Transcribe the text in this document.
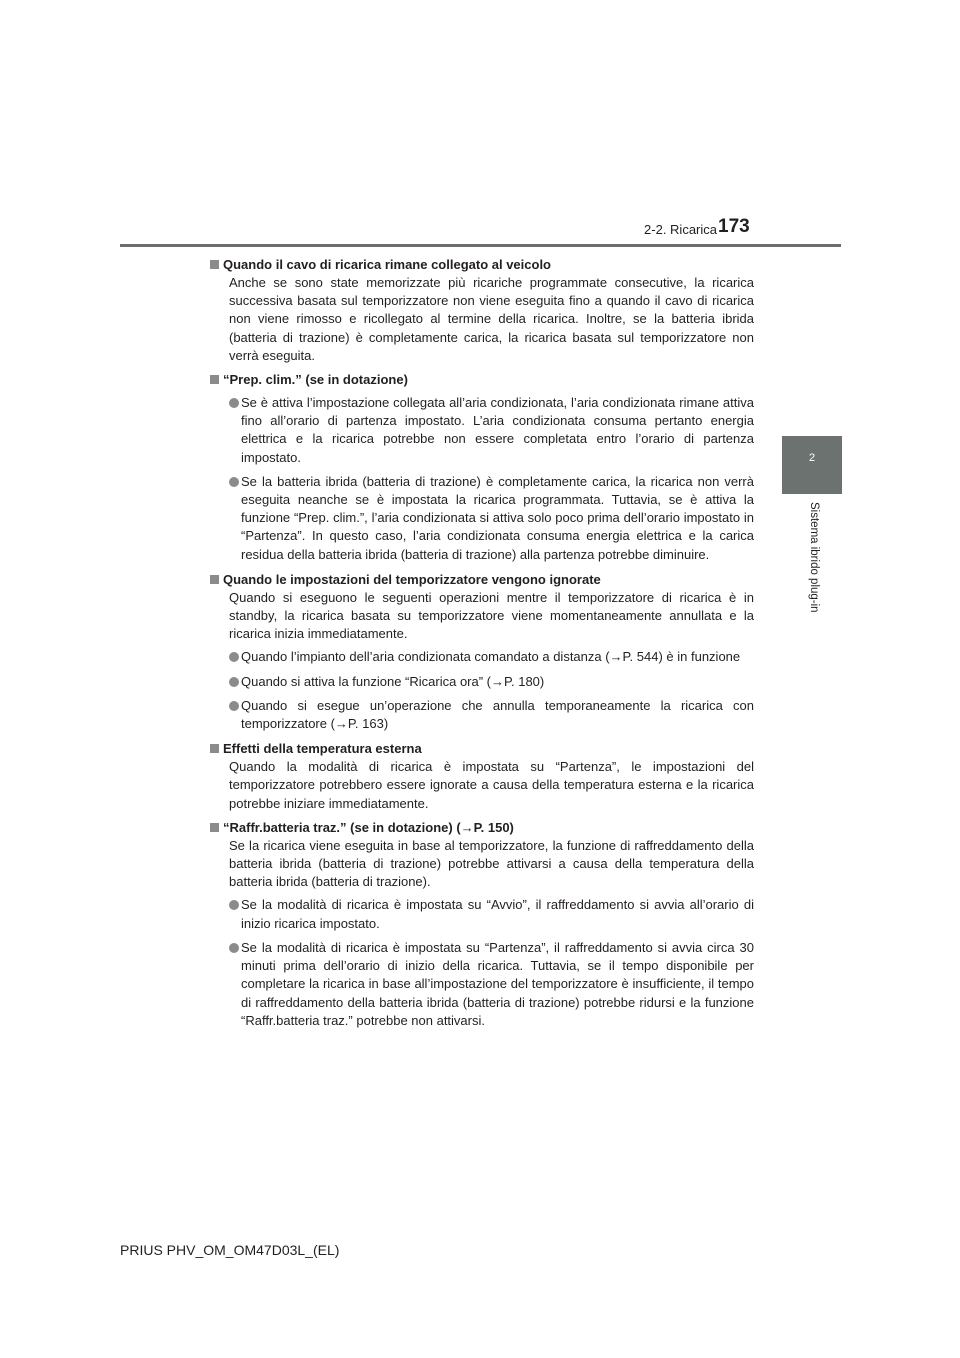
2-2. Ricarica 173
2
Sistema ibrido plug-in
Quando il cavo di ricarica rimane collegato al veicolo
Anche se sono state memorizzate più ricariche programmate consecutive, la ricarica successiva basata sul temporizzatore non viene eseguita fino a quando il cavo di ricarica non viene rimosso e ricollegato al termine della ricarica. Inoltre, se la batteria ibrida (batteria di trazione) è completamente carica, la ricarica basata sul temporizzatore non verrà eseguita.
“Prep. clim.” (se in dotazione)
Se è attiva l’impostazione collegata all’aria condizionata, l’aria condizionata rimane attiva fino all’orario di partenza impostato. L’aria condizionata consuma pertanto energia elettrica e la ricarica potrebbe non essere completata entro l’orario di partenza impostato.
Se la batteria ibrida (batteria di trazione) è completamente carica, la ricarica non verrà eseguita neanche se è impostata la ricarica programmata. Tuttavia, se è attiva la funzione “Prep. clim.”, l’aria condizionata si attiva solo poco prima dell’orario impostato in “Partenza”. In questo caso, l’aria condizionata consuma energia elettrica e la carica residua della batteria ibrida (batteria di trazione) alla partenza potrebbe diminuire.
Quando le impostazioni del temporizzatore vengono ignorate
Quando si eseguono le seguenti operazioni mentre il temporizzatore di ricarica è in standby, la ricarica basata su temporizzatore viene momentaneamente annullata e la ricarica inizia immediatamente.
Quando l’impianto dell’aria condizionata comandato a distanza (→P. 544) è in funzione
Quando si attiva la funzione “Ricarica ora” (→P. 180)
Quando si esegue un’operazione che annulla temporaneamente la ricarica con temporizzatore (→P. 163)
Effetti della temperatura esterna
Quando la modalità di ricarica è impostata su “Partenza”, le impostazioni del temporizzatore potrebbero essere ignorate a causa della temperatura esterna e la ricarica potrebbe iniziare immediatamente.
“Raffr.batteria traz.” (se in dotazione) (→P. 150)
Se la ricarica viene eseguita in base al temporizzatore, la funzione di raffreddamento della batteria ibrida (batteria di trazione) potrebbe attivarsi a causa della temperatura della batteria ibrida (batteria di trazione).
Se la modalità di ricarica è impostata su “Avvio”, il raffreddamento si avvia all’orario di inizio ricarica impostato.
Se la modalità di ricarica è impostata su “Partenza”, il raffreddamento si avvia circa 30 minuti prima dell’orario di inizio della ricarica. Tuttavia, se il tempo disponibile per completare la ricarica in base all’impostazione del temporizzatore è insufficiente, il tempo di raffreddamento della batteria ibrida (batteria di trazione) potrebbe ridursi e la funzione “Raffr.batteria traz.” potrebbe non attivarsi.
PRIUS PHV_OM_OM47D03L_(EL)
